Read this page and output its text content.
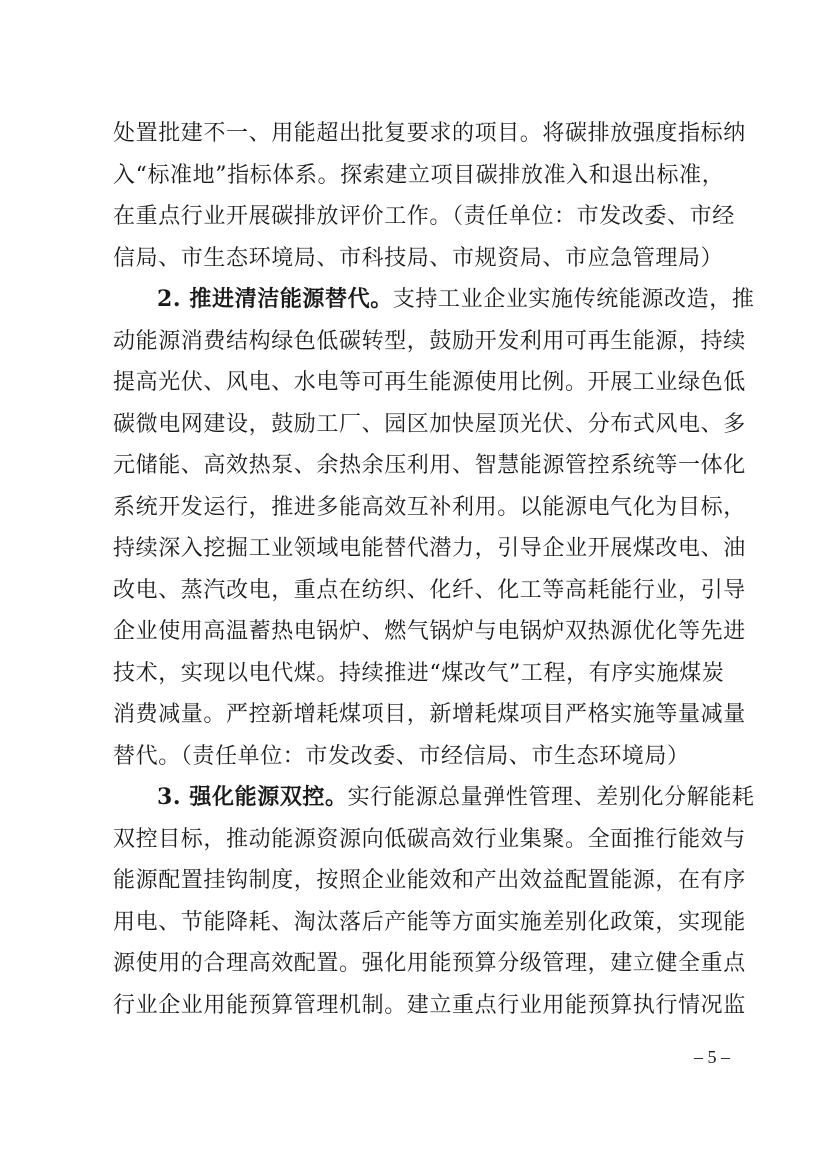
处置批建不一、用能超出批复要求的项目。将碳排放强度指标纳
入“标准地”指标体系。探索建立项目碳排放准入和退出标准，
在重点行业开展碳排放评价工作。（责任单位：市发改委、市经
信局、市生态环境局、市科技局、市规资局、市应急管理局）
2. 推进清洁能源替代。支持工业企业实施传统能源改造，推
动能源消费结构绿色低碳转型，鼓励开发利用可再生能源，持续
提高光伏、风电、水电等可再生能源使用比例。开展工业绿色低
碳微电网建设，鼓励工厂、园区加快屋顶光伏、分布式风电、多
元储能、高效热泵、余热余压利用、智慧能源管控系统等一体化
系统开发运行，推进多能高效互补利用。以能源电气化为目标，
持续深入挖掘工业领域电能替代潜力，引导企业开展煤改电、油
改电、蒸汽改电，重点在纺织、化纤、化工等高耗能行业，引导
企业使用高温蓄热电锅炉、燃气锅炉与电锅炉双热源优化等先进
技术，实现以电代煤。持续推进“煤改气”工程，有序实施煤炭
消费减量。严控新增耗煤项目，新增耗煤项目严格实施等量减量
替代。（责任单位：市发改委、市经信局、市生态环境局）
3. 强化能源双控。实行能源总量弹性管理、差别化分解能耗
双控目标，推动能源资源向低碳高效行业集聚。全面推行能效与
能源配置挂钩制度，按照企业能效和产出效益配置能源，在有序
用电、节能降耗、淘汰落后产能等方面实施差别化政策，实现能
源使用的合理高效配置。强化用能预算分级管理，建立健全重点
行业企业用能预算管理机制。建立重点行业用能预算执行情况监
– 5 –
